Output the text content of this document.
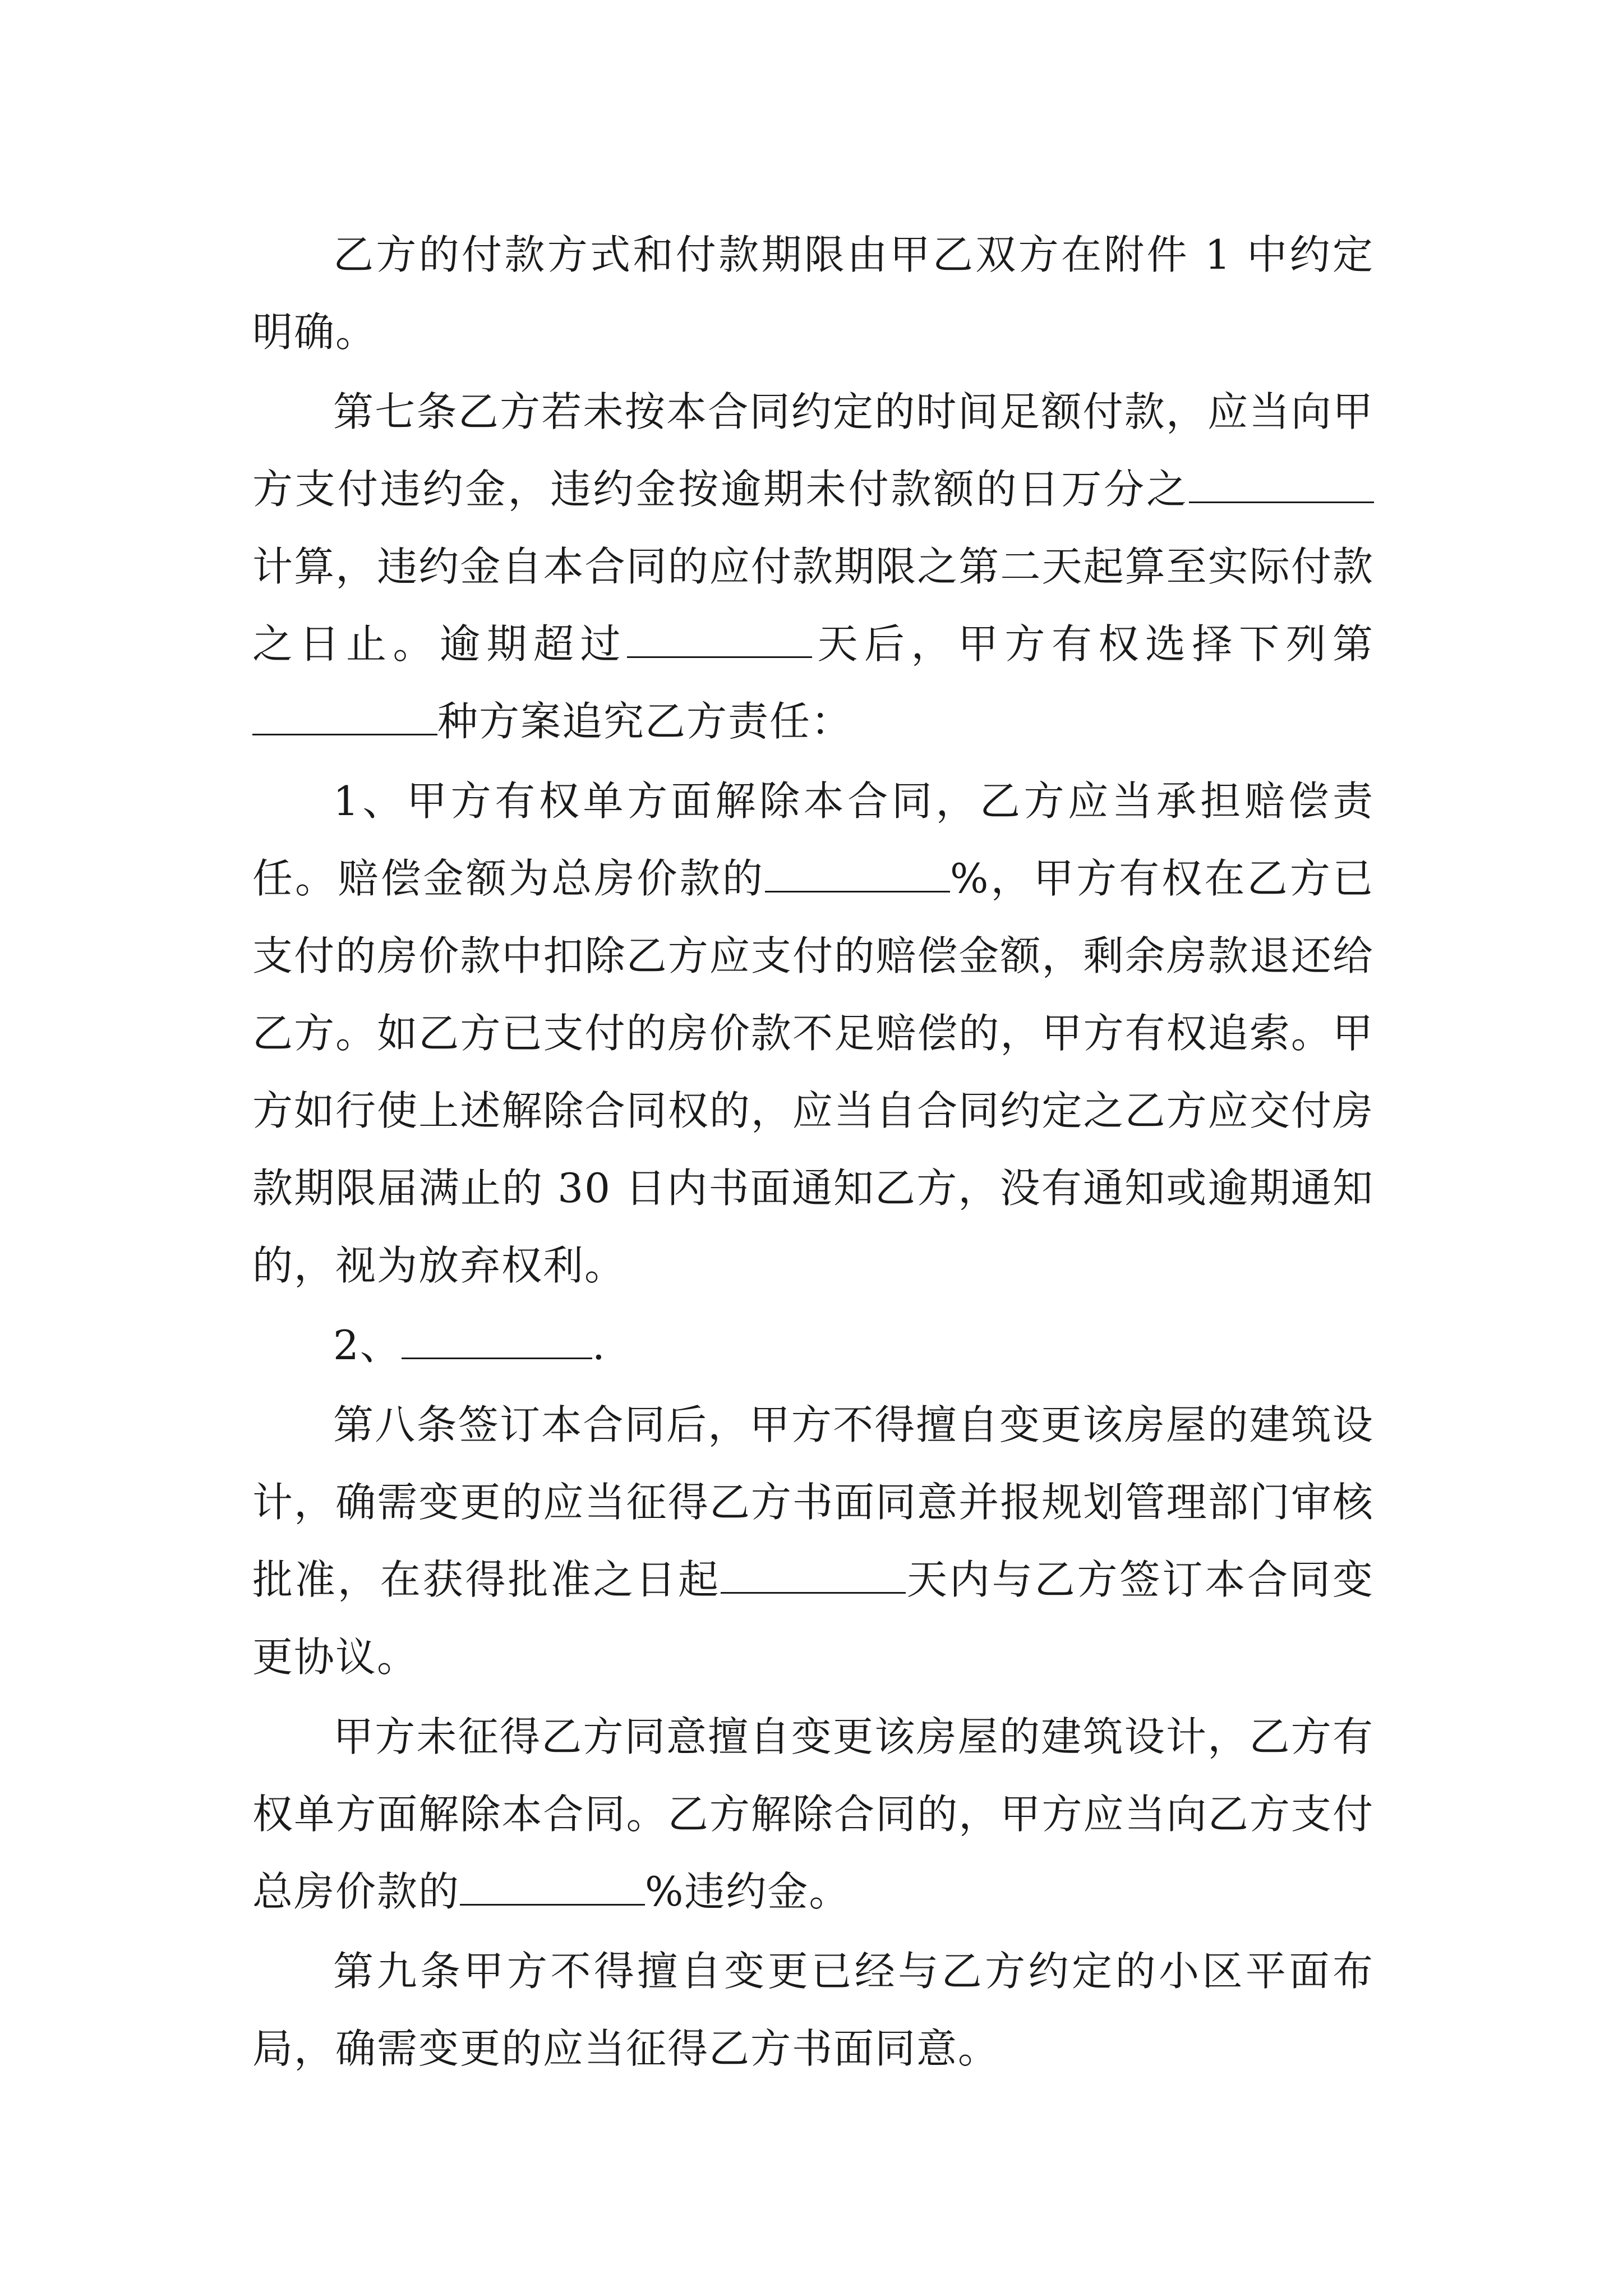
乙方的付款方式和付款期限由甲乙双方在附件 1 中约定明确。

第七条乙方若未按本合同约定的时间足额付款，应当向甲方支付违约金，违约金按逾期未付款额的日万分之计算，违约金自本合同的应付款期限之第二天起算至实际付款之日止。逾期超过	天后，甲方有权选择下列第种方案追究乙方责任：

1、甲方有权单方面解除本合同，乙方应当承担赔偿责任。赔偿金额为总房价款的	%，甲方有权在乙方已支付的房价款中扣除乙方应支付的赔偿金额，剩余房款退还给乙方。如乙方已支付的房价款不足赔偿的，甲方有权追索。甲方如行使上述解除合同权的，应当自合同约定之乙方应交付房款期限届满止的 30 日内书面通知乙方，没有通知或逾期通知的，视为放弃权利。

2、	.

第八条签订本合同后，甲方不得擅自变更该房屋的建筑设计，确需变更的应当征得乙方书面同意并报规划管理部门审核批准，在获得批准之日起	天内与乙方签订本合同变更协议。

甲方未征得乙方同意擅自变更该房屋的建筑设计，乙方有权单方面解除本合同。乙方解除合同的，甲方应当向乙方支付总房价款的	%违约金。

第九条甲方不得擅自变更已经与乙方约定的小区平面布局，确需变更的应当征得乙方书面同意。
